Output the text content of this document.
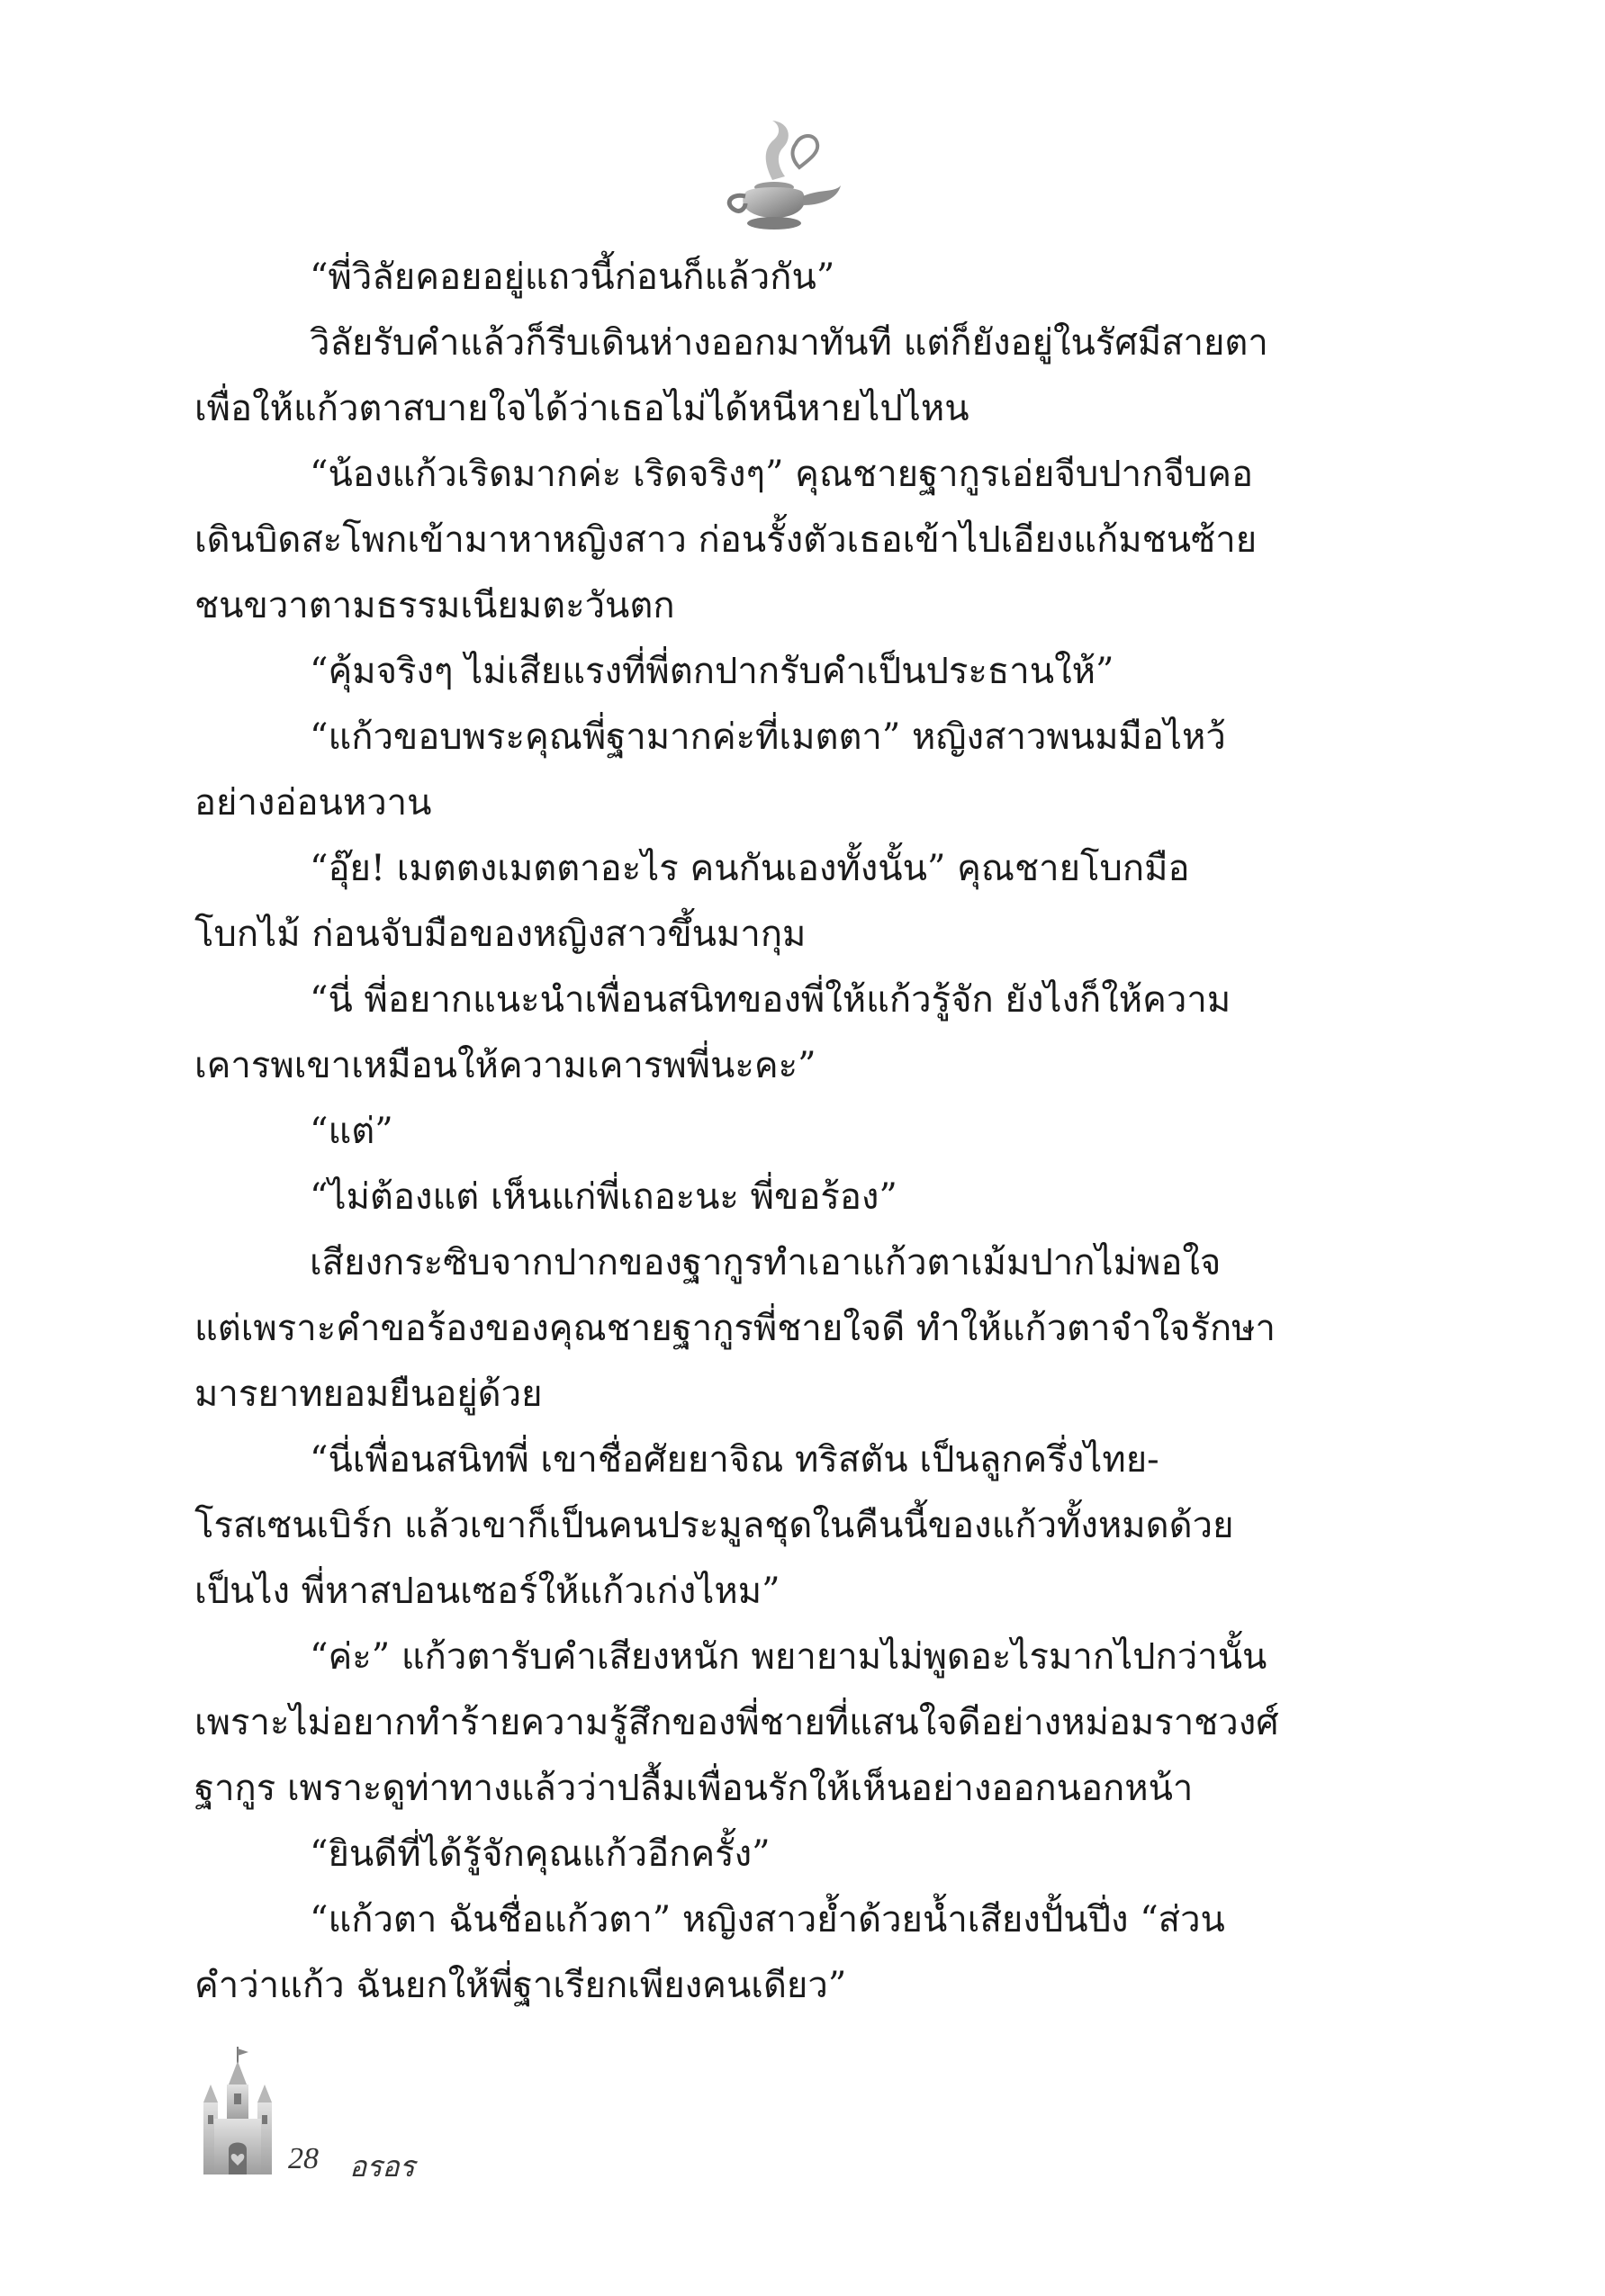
“พี่วิลัยคอยอยู่แถวนี้ก่อนก็แล้วกัน”

วิลัยรับคำแล้วก็รีบเดินห่างออกมาทันที แต่ก็ยังอยู่ในรัศมีสายตา
เพื่อให้แก้วตาสบายใจได้ว่าเธอไม่ได้หนีหายไปไหน

“น้องแก้วเริดมากค่ะ เริดจริงๆ” คุณชายฐากูรเอ่ยจีบปากจีบคอ
เดินบิดสะโพกเข้ามาหาหญิงสาว ก่อนรั้งตัวเธอเข้าไปเอียงแก้มชนซ้าย
ชนขวาตามธรรมเนียมตะวันตก

“คุ้มจริงๆ ไม่เสียแรงที่พี่ตกปากรับคำเป็นประธานให้”

“แก้วขอบพระคุณพี่ฐามากค่ะที่เมตตา” หญิงสาวพนมมือไหว้
อย่างอ่อนหวาน

“อุ๊ย! เมตตงเมตตาอะไร คนกันเองทั้งนั้น” คุณชายโบกมือ
โบกไม้ ก่อนจับมือของหญิงสาวขึ้นมากุม

“นี่ พี่อยากแนะนำเพื่อนสนิทของพี่ให้แก้วรู้จัก ยังไงก็ให้ความ
เคารพเขาเหมือนให้ความเคารพพี่นะคะ”

“แต่”

“ไม่ต้องแต่ เห็นแก่พี่เถอะนะ พี่ขอร้อง”

เสียงกระซิบจากปากของฐากูรทำเอาแก้วตาเม้มปากไม่พอใจ
แต่เพราะคำขอร้องของคุณชายฐากูรพี่ชายใจดี ทำให้แก้วตาจำใจรักษา
มารยาทยอมยืนอยู่ด้วย

“นี่เพื่อนสนิทพี่ เขาชื่อศัยยาจิณ ทริสตัน เป็นลูกครึ่งไทย-
โรสเซนเบิร์ก แล้วเขาก็เป็นคนประมูลชุดในคืนนี้ของแก้วทั้งหมดด้วย
เป็นไง พี่หาสปอนเซอร์ให้แก้วเก่งไหม”

“ค่ะ” แก้วตารับคำเสียงหนัก พยายามไม่พูดอะไรมากไปกว่านั้น
เพราะไม่อยากทำร้ายความรู้สึกของพี่ชายที่แสนใจดีอย่างหม่อมราชวงศ์
ฐากูร เพราะดูท่าทางแล้วว่าปลื้มเพื่อนรักให้เห็นอย่างออกนอกหน้า

“ยินดีที่ได้รู้จักคุณแก้วอีกครั้ง”

“แก้วตา ฉันชื่อแก้วตา” หญิงสาวย้ำด้วยน้ำเสียงปั้นปึ่ง “ส่วน
คำว่าแก้ว ฉันยกให้พี่ฐาเรียกเพียงคนเดียว”

28 อรอร
